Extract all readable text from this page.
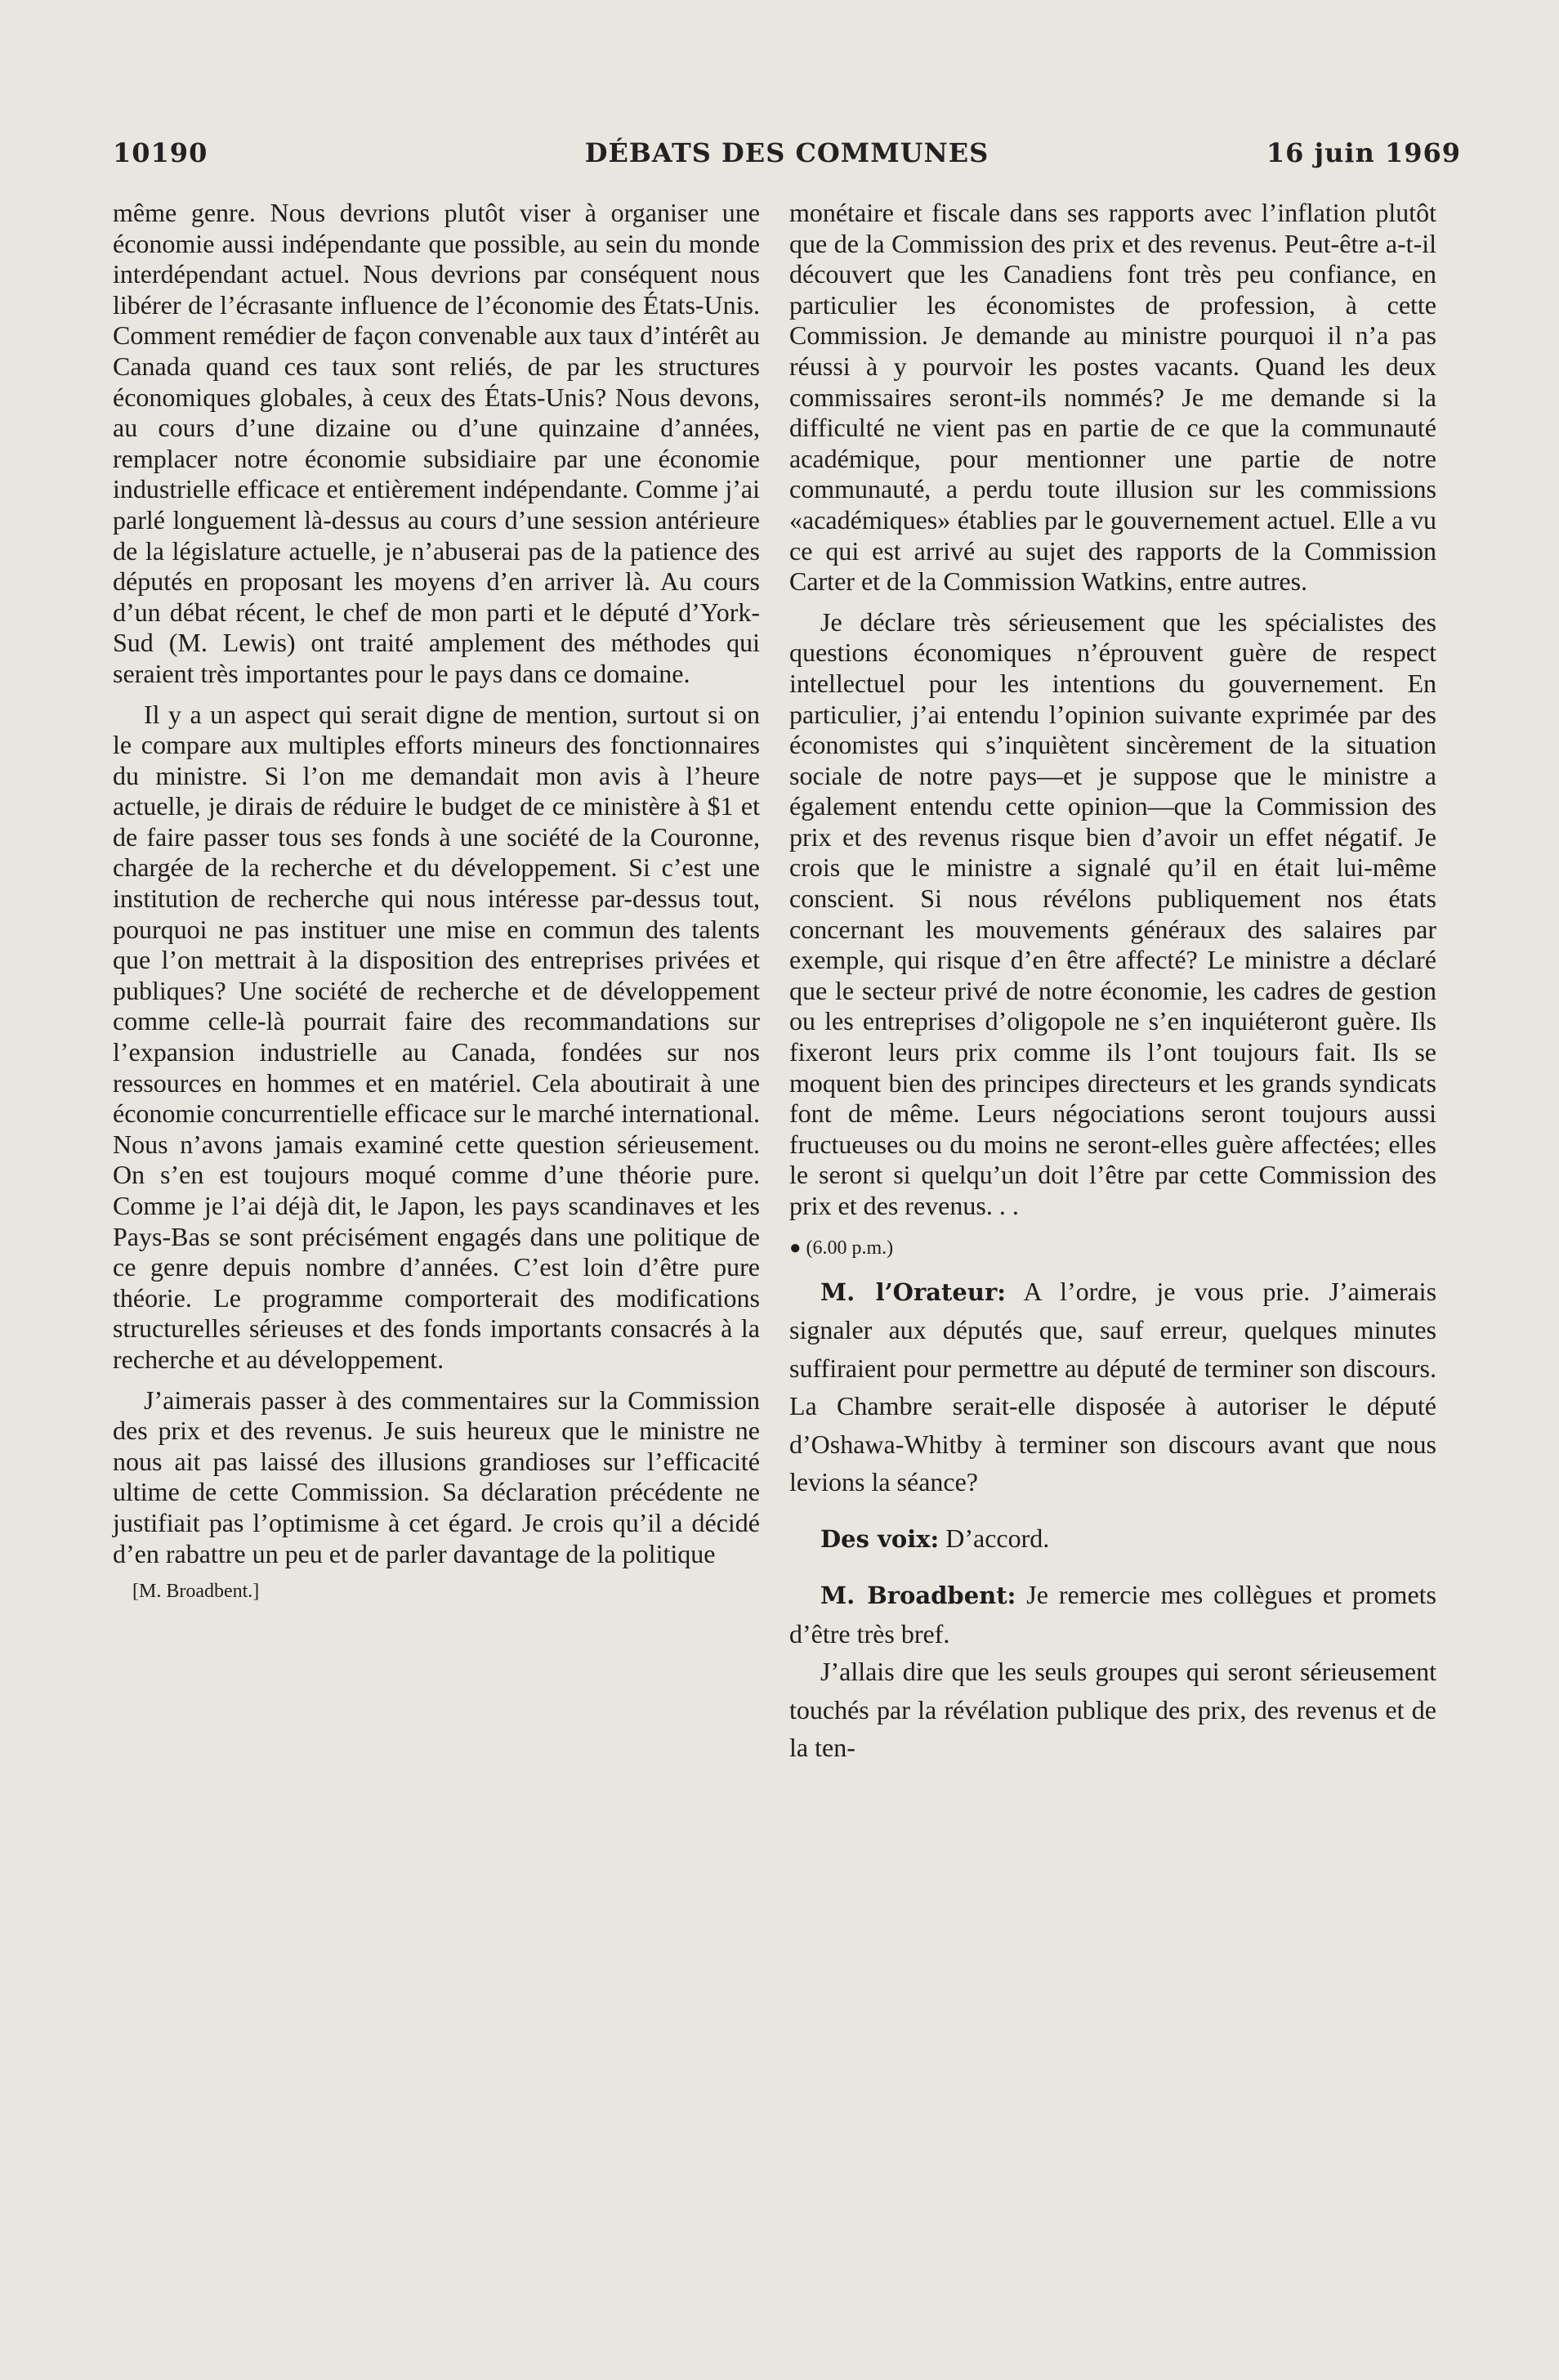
10190	DÉBATS DES COMMUNES	16 juin 1969

même genre. Nous devrions plutôt viser à organiser une économie aussi indépendante que possible, au sein du monde interdépendant actuel. Nous devrions par conséquent nous libérer de l’écrasante influence de l’économie des États-Unis. Comment remédier de façon convenable aux taux d’intérêt au Canada quand ces taux sont reliés, de par les structures économiques globales, à ceux des États-Unis? Nous devons, au cours d’une dizaine ou d’une quinzaine d’années, remplacer notre économie subsidiaire par une économie industrielle efficace et entièrement indépendante. Comme j’ai parlé longuement là-dessus au cours d’une session antérieure de la législature actuelle, je n’abuserai pas de la patience des députés en proposant les moyens d’en arriver là. Au cours d’un débat récent, le chef de mon parti et le député d’York-Sud (M. Lewis) ont traité amplement des méthodes qui seraient très importantes pour le pays dans ce domaine.

Il y a un aspect qui serait digne de mention, surtout si on le compare aux multiples efforts mineurs des fonctionnaires du ministre. Si l’on me demandait mon avis à l’heure actuelle, je dirais de réduire le budget de ce ministère à $1 et de faire passer tous ses fonds à une société de la Couronne, chargée de la recherche et du développement. Si c’est une institution de recherche qui nous intéresse par-dessus tout, pourquoi ne pas instituer une mise en commun des talents que l’on mettrait à la disposition des entreprises privées et publiques? Une société de recherche et de développement comme celle-là pourrait faire des recommandations sur l’expansion industrielle au Canada, fondées sur nos ressources en hommes et en matériel. Cela aboutirait à une économie concurrentielle efficace sur le marché international. Nous n’avons jamais examiné cette question sérieusement. On s’en est toujours moqué comme d’une théorie pure. Comme je l’ai déjà dit, le Japon, les pays scandinaves et les Pays-Bas se sont précisément engagés dans une politique de ce genre depuis nombre d’années. C’est loin d’être pure théorie. Le programme comporterait des modifications structurelles sérieuses et des fonds importants consacrés à la recherche et au développement.

J’aimerais passer à des commentaires sur la Commission des prix et des revenus. Je suis heureux que le ministre ne nous ait pas laissé des illusions grandioses sur l’efficacité ultime de cette Commission. Sa déclaration précédente ne justifiait pas l’optimisme à cet égard. Je crois qu’il a décidé d’en rabattre un peu et de parler davantage de la politique

[M. Broadbent.]

monétaire et fiscale dans ses rapports avec l’inflation plutôt que de la Commission des prix et des revenus. Peut-être a-t-il découvert que les Canadiens font très peu confiance, en particulier les économistes de profession, à cette Commission. Je demande au ministre pourquoi il n’a pas réussi à y pourvoir les postes vacants. Quand les deux commissaires seront-ils nommés? Je me demande si la difficulté ne vient pas en partie de ce que la communauté académique, pour mentionner une partie de notre communauté, a perdu toute illusion sur les commissions «académiques» établies par le gouvernement actuel. Elle a vu ce qui est arrivé au sujet des rapports de la Commission Carter et de la Commission Watkins, entre autres.

Je déclare très sérieusement que les spécialistes des questions économiques n’éprouvent guère de respect intellectuel pour les intentions du gouvernement. En particulier, j’ai entendu l’opinion suivante exprimée par des économistes qui s’inquiètent sincèrement de la situation sociale de notre pays—et je suppose que le ministre a également entendu cette opinion—que la Commission des prix et des revenus risque bien d’avoir un effet négatif. Je crois que le ministre a signalé qu’il en était lui-même conscient. Si nous révélons publiquement nos états concernant les mouvements généraux des salaires par exemple, qui risque d’en être affecté? Le ministre a déclaré que le secteur privé de notre économie, les cadres de gestion ou les entreprises d’oligopole ne s’en inquiéteront guère. Ils fixeront leurs prix comme ils l’ont toujours fait. Ils se moquent bien des principes directeurs et les grands syndicats font de même. Leurs négociations seront toujours aussi fructueuses ou du moins ne seront-elles guère affectées; elles le seront si quelqu’un doit l’être par cette Commission des prix et des revenus. . .

● (6.00 p.m.)

M. l’Orateur: A l’ordre, je vous prie. J’aimerais signaler aux députés que, sauf erreur, quelques minutes suffiraient pour permettre au député de terminer son discours. La Chambre serait-elle disposée à autoriser le député d’Oshawa-Whitby à terminer son discours avant que nous levions la séance?

Des voix: D’accord.

M. Broadbent: Je remercie mes collègues et promets d’être très bref.

J’allais dire que les seuls groupes qui seront sérieusement touchés par la révélation publique des prix, des revenus et de la ten-
